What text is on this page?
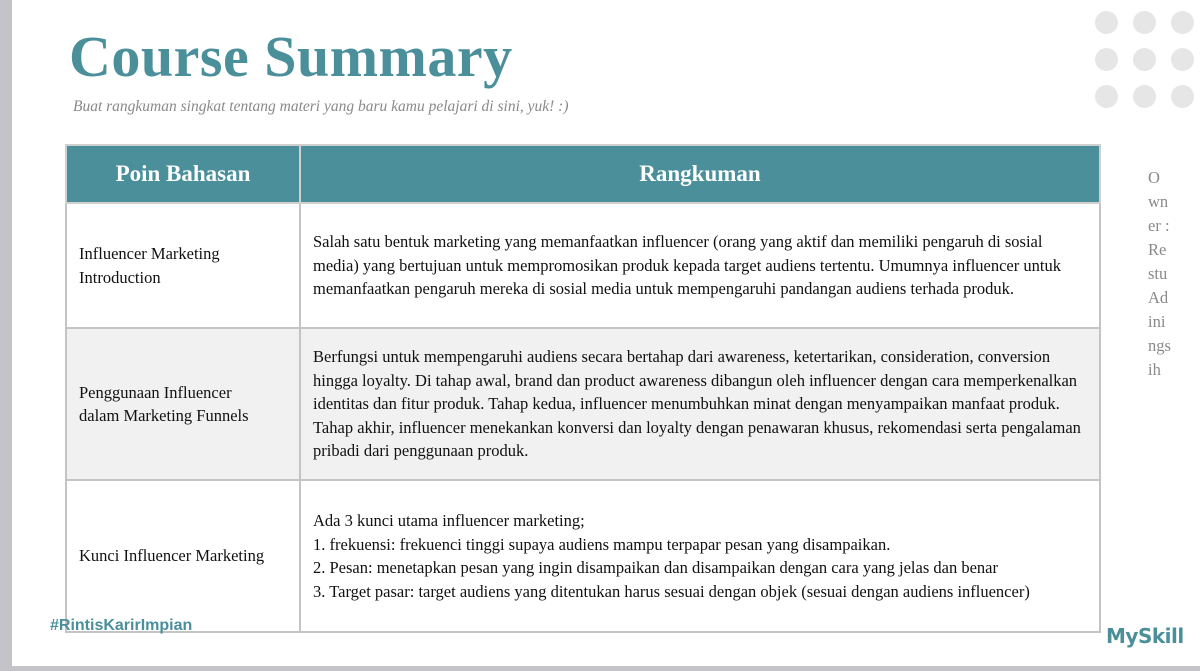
Course Summary
Buat rangkuman singkat tentang materi yang baru kamu pelajari di sini, yuk! :)
Poin Bahasan	Rangkuman
Influencer Marketing
Introduction	Salah satu bentuk marketing yang memanfaatkan influencer (orang yang aktif dan memiliki pengaruh di sosial media) yang bertujuan untuk mempromosikan produk kepada target audiens tertentu. Umumnya influencer untuk memanfaatkan pengaruh mereka di sosial media untuk mempengaruhi pandangan audiens terhada produk.
Penggunaan Influencer
dalam Marketing Funnels	Berfungsi untuk mempengaruhi audiens secara bertahap dari awareness, ketertarikan, consideration, conversion hingga loyalty. Di tahap awal, brand dan product awareness dibangun oleh influencer dengan cara memperkenalkan identitas dan fitur produk. Tahap kedua, influencer menumbuhkan minat dengan menyampaikan manfaat produk. Tahap akhir, influencer menekankan konversi dan loyalty dengan penawaran khusus, rekomendasi serta pengalaman pribadi dari penggunaan produk.
Kunci Influencer Marketing	Ada 3 kunci utama influencer marketing;
1. frekuensi: frekuenci tinggi supaya audiens mampu terpapar pesan yang disampaikan.
2. Pesan: menetapkan pesan yang ingin disampaikan dan disampaikan dengan cara yang jelas dan benar
3. Target pasar: target audiens yang ditentukan harus sesuai dengan objek (sesuai dengan audiens influencer)
O
wn
er :
Re
stu
Ad
ini
ngs
ih
#RintisKarirImpian	MySkill
